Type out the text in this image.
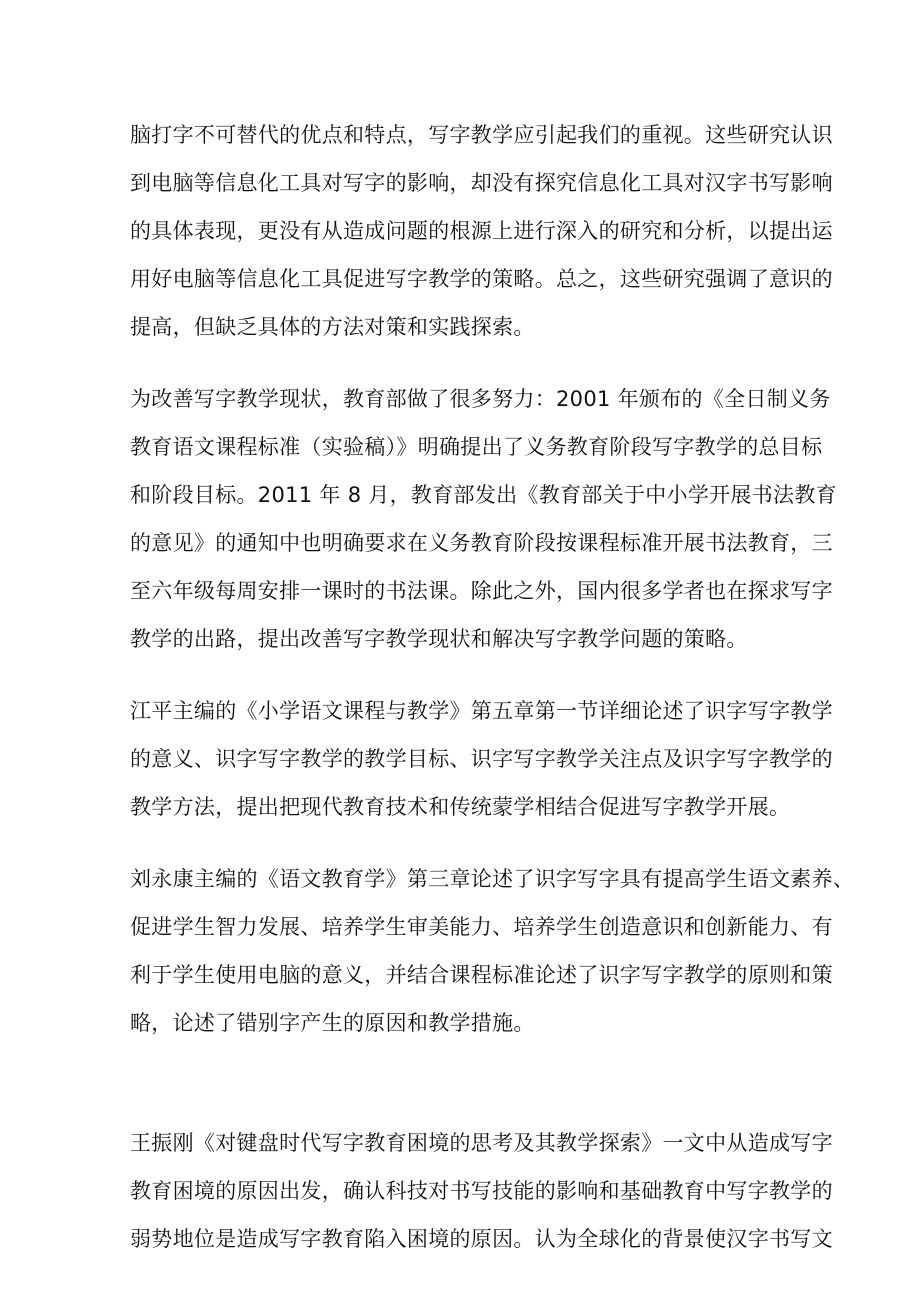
脑打字不可替代的优点和特点，写字教学应引起我们的重视。这些研究认识
到电脑等信息化工具对写字的影响，却没有探究信息化工具对汉字书写影响
的具体表现，更没有从造成问题的根源上进行深入的研究和分析，以提出运
用好电脑等信息化工具促进写字教学的策略。总之，这些研究强调了意识的
提高，但缺乏具体的方法对策和实践探索。
为改善写字教学现状，教育部做了很多努力：2001 年颁布的《全日制义务
教育语文课程标准（实验稿）》明确提出了义务教育阶段写字教学的总目标
和阶段目标。2011 年 8 月，教育部发出《教育部关于中小学开展书法教育
的意见》的通知中也明确要求在义务教育阶段按课程标准开展书法教育，三
至六年级每周安排一课时的书法课。除此之外，国内很多学者也在探求写字
教学的出路，提出改善写字教学现状和解决写字教学问题的策略。
江平主编的《小学语文课程与教学》第五章第一节详细论述了识字写字教学
的意义、识字写字教学的教学目标、识字写字教学关注点及识字写字教学的
教学方法，提出把现代教育技术和传统蒙学相结合促进写字教学开展。
刘永康主编的《语文教育学》第三章论述了识字写字具有提高学生语文素养、
促进学生智力发展、培养学生审美能力、培养学生创造意识和创新能力、有
利于学生使用电脑的意义，并结合课程标准论述了识字写字教学的原则和策
略，论述了错别字产生的原因和教学措施。
王振刚《对键盘时代写字教育困境的思考及其教学探索》一文中从造成写字
教育困境的原因出发，确认科技对书写技能的影响和基础教育中写字教学的
弱势地位是造成写字教育陷入困境的原因。认为全球化的背景使汉字书写文
